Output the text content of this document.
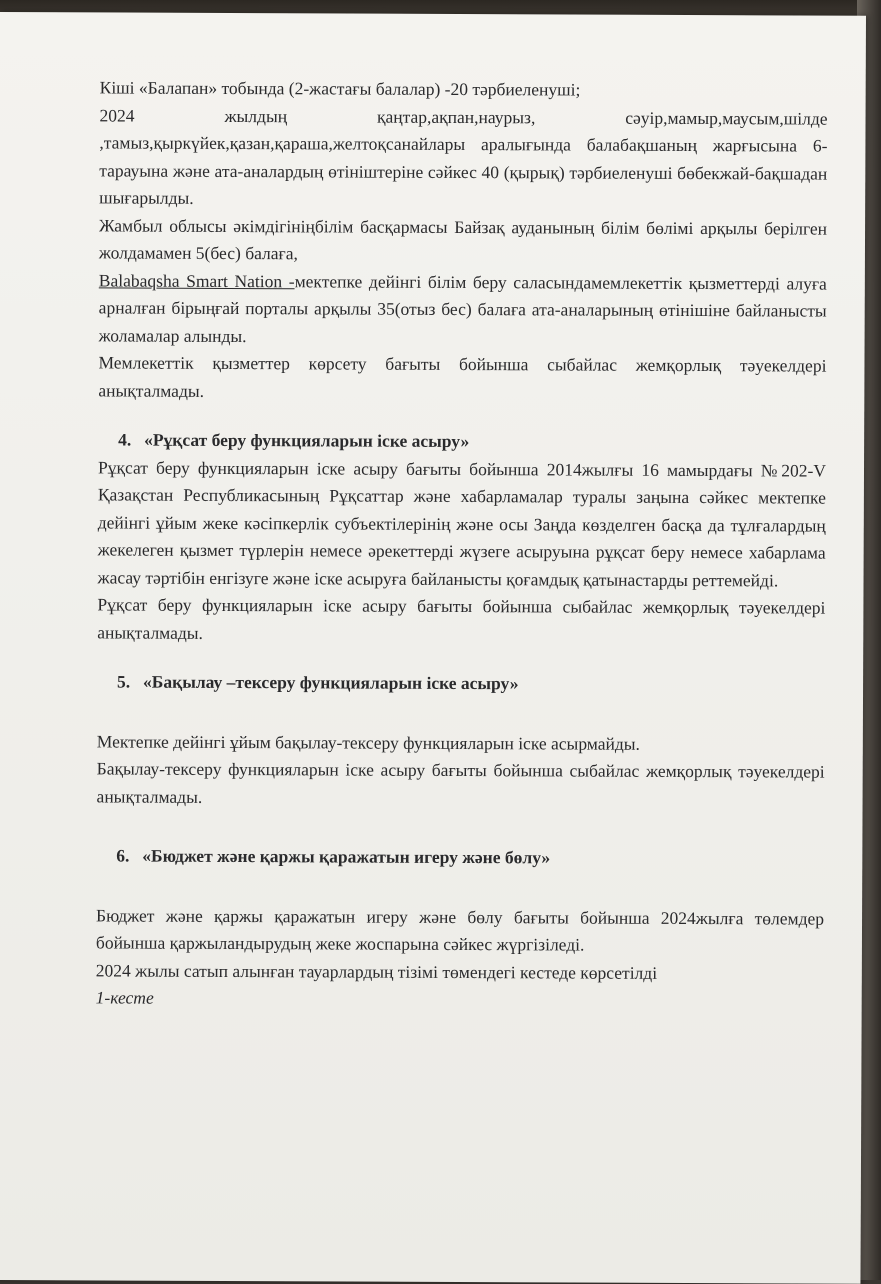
Кіші «Балапан» тобында (2-жастағы балалар) -20 тәрбиеленуші;

2024 жылдың қаңтар,ақпан,наурыз, сәуір,мамыр,маусым,шілде ,тамыз,қыркүйек,қазан,қараша,желтоқсанайлары аралығында балабақшаның жарғысына 6-тарауына және ата-аналардың өтініштеріне сәйкес 40 (қырық) тәрбиеленуші бөбекжай-бақшадан шығарылды.

Жамбыл облысы әкімдігініңбілім басқармасы Байзақ ауданының білім бөлімі арқылы берілген жолдамамен 5(бес) балаға,

Balabaqsha Smart Nation -мектепке дейінгі білім беру саласындамемлекеттік қызметтерді алуға арналған бірыңғай порталы арқылы 35(отыз бес) балаға ата-аналарының өтінішіне байланысты жоламалар алынды.

Мемлекеттік қызметтер көрсету бағыты бойынша сыбайлас жемқорлық тәуекелдері анықталмады.

4. «Рұқсат беру функцияларын іске асыру»

Рұқсат беру функцияларын іске асыру бағыты бойынша 2014жылғы 16 мамырдағы №202-V Қазақстан Республикасының Рұқсаттар және хабарламалар туралы заңына сәйкес мектепке дейінгі ұйым жеке кәсіпкерлік субъектілерінің және осы Заңда көзделген басқа да тұлғалардың жекелеген қызмет түрлерін немесе әрекеттерді жүзеге асыруына рұқсат беру немесе хабарлама жасау тәртібін енгізуге және іске асыруға байланысты қоғамдық қатынастарды реттемейді.

Рұқсат беру функцияларын іске асыру бағыты бойынша сыбайлас жемқорлық тәуекелдері анықталмады.

5. «Бақылау –тексеру функцияларын іске асыру»

Мектепке дейінгі ұйым бақылау-тексеру функцияларын іске асырмайды.

Бақылау-тексеру функцияларын іске асыру бағыты бойынша сыбайлас жемқорлық тәуекелдері анықталмады.

6. «Бюджет және қаржы қаражатын игеру және бөлу»

Бюджет және қаржы қаражатын игеру және бөлу бағыты бойынша 2024жылға төлемдер бойынша қаржыландырудың жеке жоспарына сәйкес жүргізіледі.

2024 жылы сатып алынған тауарлардың тізімі төмендегі кестеде көрсетілді

1-кесте
